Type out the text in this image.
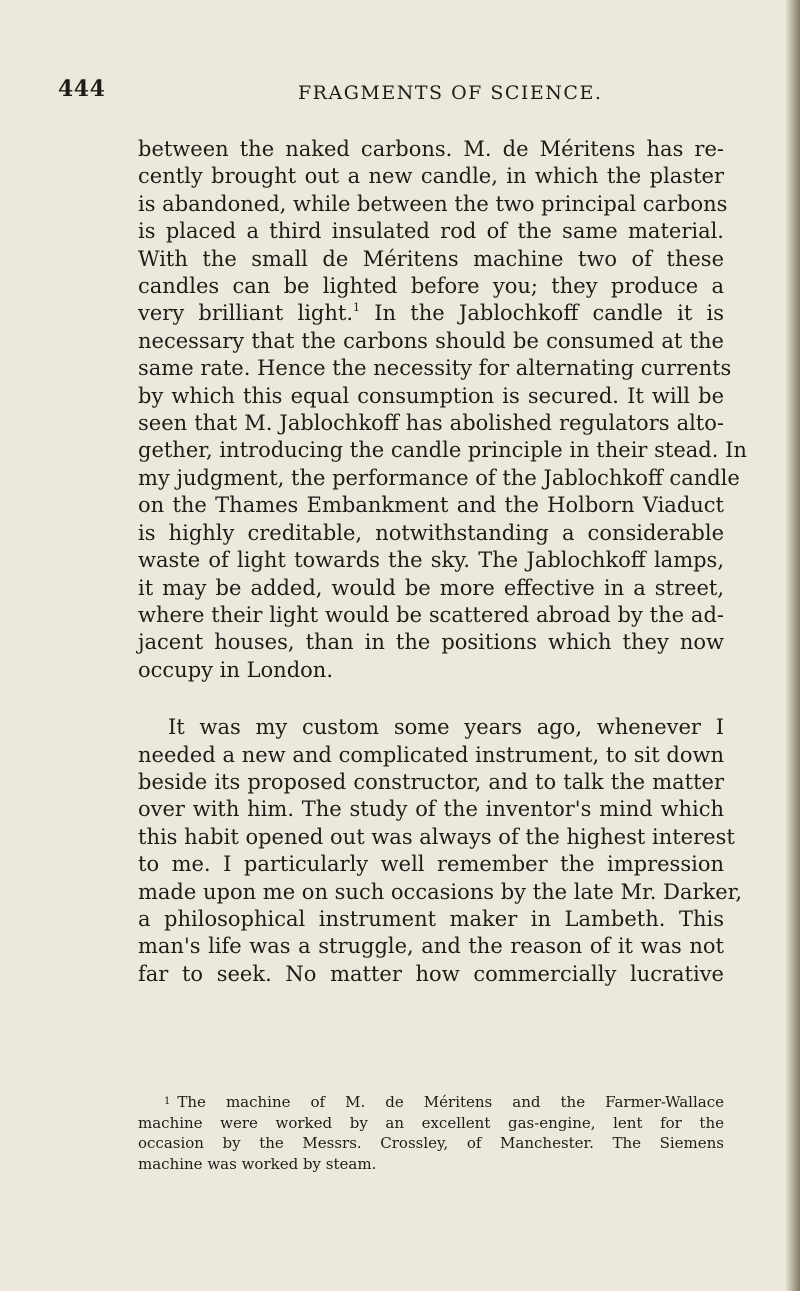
444	FRAGMENTS OF SCIENCE.
between the naked carbons. M. de Méritens has re-
cently brought out a new candle, in which the plaster
is abandoned, while between the two principal carbons
is placed a third insulated rod of the same material.
With the small de Méritens machine two of these
candles can be lighted before you; they produce a
very brilliant light.$^1$ In the Jablochkoff candle it is
necessary that the carbons should be consumed at the
same rate. Hence the necessity for alternating currents
by which this equal consumption is secured. It will be
seen that M. Jablochkoff has abolished regulators alto-
gether, introducing the candle principle in their stead. In
my judgment, the performance of the Jablochkoff candle
on the Thames Embankment and the Holborn Viaduct
is highly creditable, notwithstanding a considerable
waste of light towards the sky. The Jablochkoff lamps,
it may be added, would be more effective in a street,
where their light would be scattered abroad by the ad-
jacent houses, than in the positions which they now
occupy in London.
It was my custom some years ago, whenever I
needed a new and complicated instrument, to sit down
beside its proposed constructor, and to talk the matter
over with him. The study of the inventor's mind which
this habit opened out was always of the highest interest
to me. I particularly well remember the impression
made upon me on such occasions by the late Mr. Darker,
a philosophical instrument maker in Lambeth. This
man's life was a struggle, and the reason of it was not
far to seek. No matter how commercially lucrative
$^1$ The machine of M. de Méritens and the Farmer-Wallace
machine were worked by an excellent gas-engine, lent for the
occasion by the Messrs. Crossley, of Manchester. The Siemens
machine was worked by steam.
